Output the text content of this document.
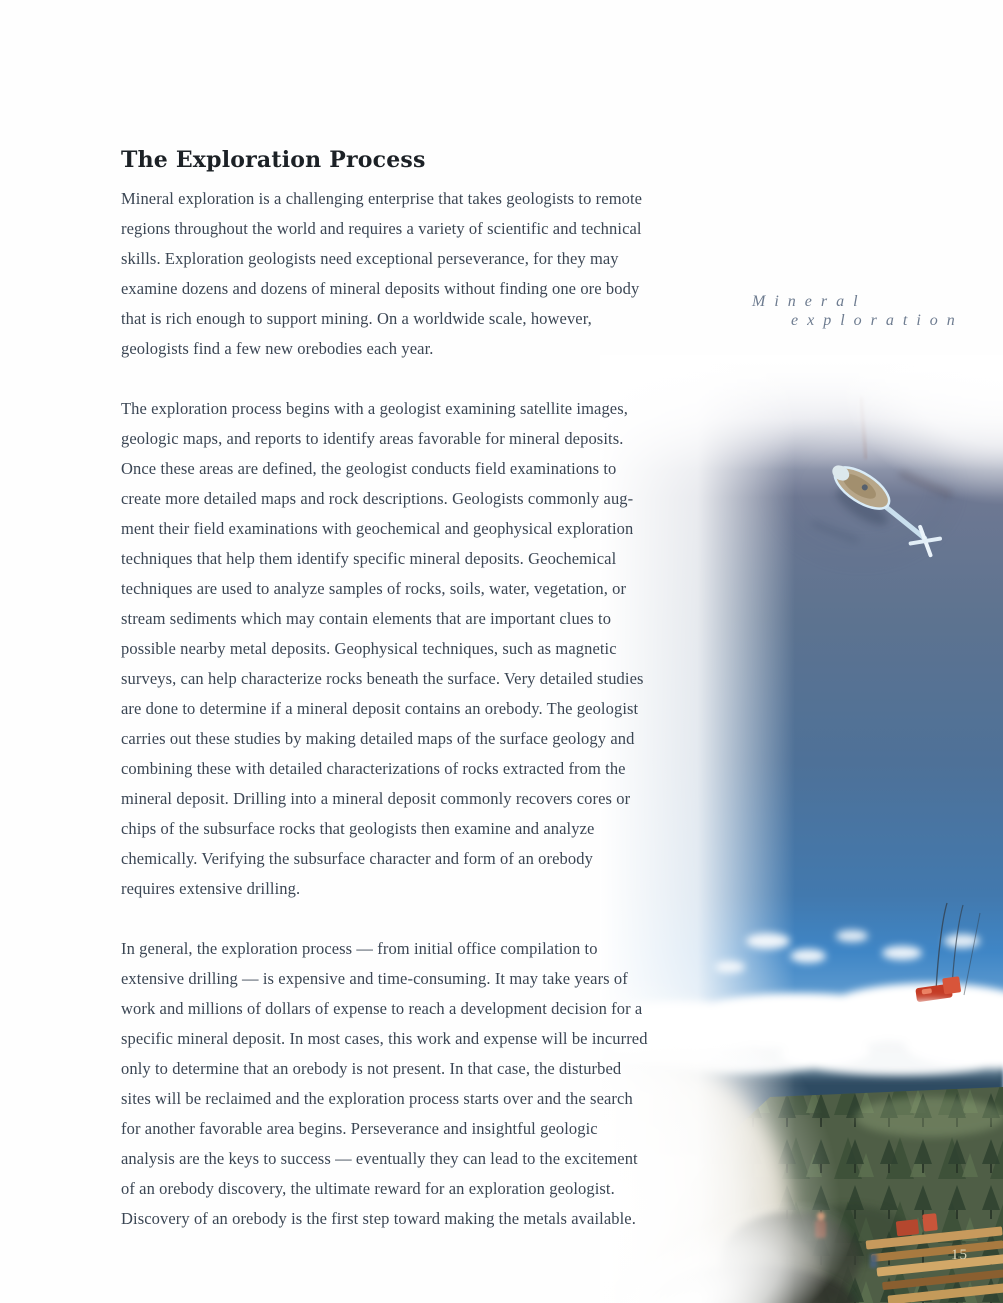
Mineral
exploration
The Exploration Process

Mineral exploration is a challenging enterprise that takes geologists to remote
regions throughout the world and requires a variety of scientific and technical
skills. Exploration geologists need exceptional perseverance, for they may
examine dozens and dozens of mineral deposits without finding one ore body
that is rich enough to support mining. On a worldwide scale, however,
geologists find a few new orebodies each year.

The exploration process begins with a geologist examining satellite images,
geologic maps, and reports to identify areas favorable for mineral deposits.
Once these areas are defined, the geologist conducts field examinations to
create more detailed maps and rock descriptions. Geologists commonly aug-
ment their field examinations with geochemical and geophysical exploration
techniques that help them identify specific mineral deposits. Geochemical
techniques are used to analyze samples of rocks, soils, water, vegetation, or
stream sediments which may contain elements that are important clues to
possible nearby metal deposits. Geophysical techniques, such as magnetic
surveys, can help characterize rocks beneath the surface. Very detailed studies
are done to determine if a mineral deposit contains an orebody. The geologist
carries out these studies by making detailed maps of the surface geology and
combining these with detailed characterizations of rocks extracted from the
mineral deposit. Drilling into a mineral deposit commonly recovers cores or
chips of the subsurface rocks that geologists then examine and analyze
chemically. Verifying the subsurface character and form of an orebody
requires extensive drilling.

In general, the exploration process — from initial office compilation to
extensive drilling — is expensive and time-consuming. It may take years of
work and millions of dollars of expense to reach a development decision for a
specific mineral deposit. In most cases, this work and expense will be incurred
only to determine that an orebody is not present. In that case, the disturbed
sites will be reclaimed and the exploration process starts over and the search
for another favorable area begins. Perseverance and insightful geologic
analysis are the keys to success — eventually they can lead to the excitement
of an orebody discovery, the ultimate reward for an exploration geologist.
Discovery of an orebody is the first step toward making the metals available.

15
